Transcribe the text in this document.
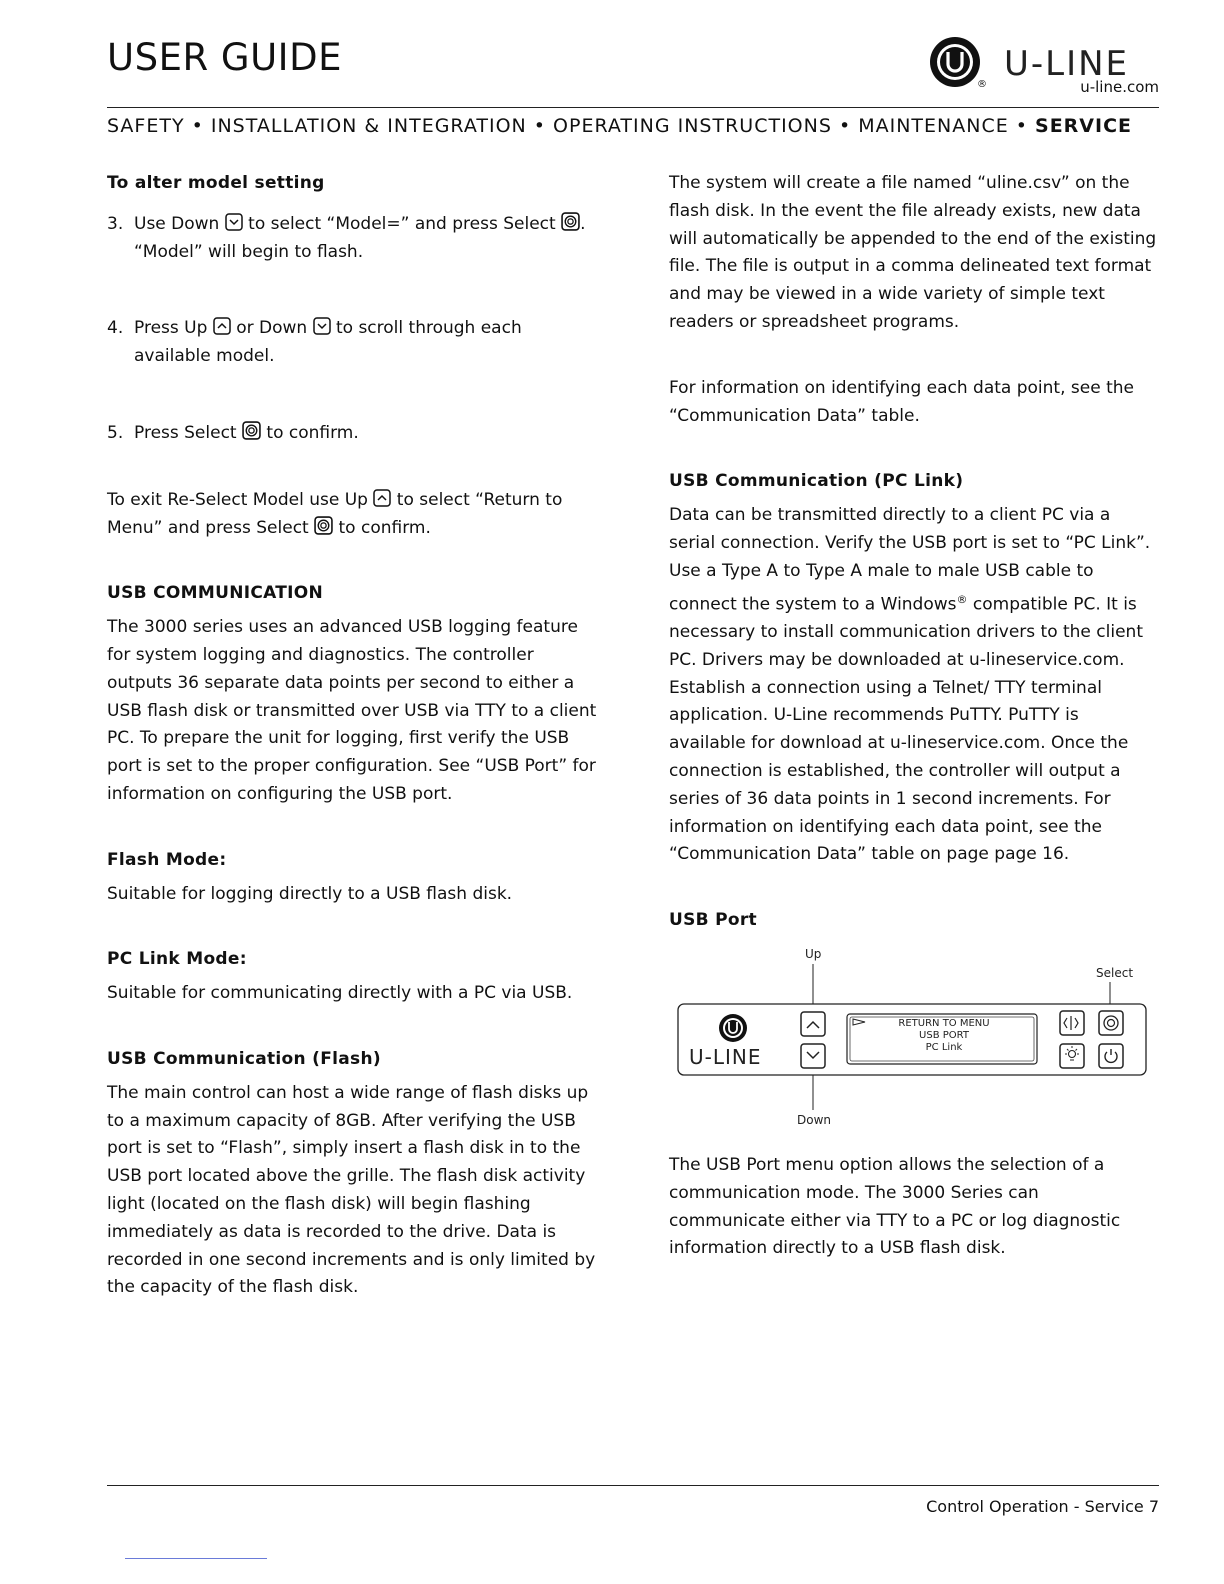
USER GUIDE
®
U-LINE
u-line.com
SAFETY • INSTALLATION & INTEGRATION • OPERATING INSTRUCTIONS • MAINTENANCE • SERVICE

To alter model setting

3. Use Down to select “Model=” and press Select .
“Model” will begin to flash.
4. Press Up or Down to scroll through each
available model.
5. Press Select to confirm.

To exit Re-Select Model use Up to select “Return to
Menu” and press Select to confirm.

USB COMMUNICATION

The 3000 series uses an advanced USB logging feature for system logging and diagnostics. The controller outputs 36 separate data points per second to either a USB flash disk or transmitted over USB via TTY to a client PC. To prepare the unit for logging, first verify the USB port is set to the proper configuration. See “USB Port” for information on configuring the USB port.

Flash Mode:

Suitable for logging directly to a USB flash disk.

PC Link Mode:

Suitable for communicating directly with a PC via USB.

USB Communication (Flash)

The main control can host a wide range of flash disks up to a maximum capacity of 8GB. After verifying the USB port is set to “Flash”, simply insert a flash disk in to the USB port located above the grille. The flash disk activity light (located on the flash disk) will begin flashing immediately as data is recorded to the drive. Data is recorded in one second increments and is only limited by the capacity of the flash disk.

The system will create a file named “uline.csv” on the flash disk. In the event the file already exists, new data will automatically be appended to the end of the existing file. The file is output in a comma delineated text format and may be viewed in a wide variety of simple text readers or spreadsheet programs.

For information on identifying each data point, see the “Communication Data” table.

USB Communication (PC Link)

Data can be transmitted directly to a client PC via a serial connection. Verify the USB port is set to “PC Link”. Use a Type A to Type A male to male USB cable to connect the system to a Windows® compatible PC. It is necessary to install communication drivers to the client PC. Drivers may be downloaded at u-lineservice.com. Establish a connection using a Telnet/ TTY terminal application. U-Line recommends PuTTY. PuTTY is available for download at u-lineservice.com. Once the connection is established, the controller will output a series of 36 data points in 1 second increments. For information on identifying each data point, see the “Communication Data” table on page page 16.

USB Port

The USB Port menu option allows the selection of a communication mode. The 3000 Series can communicate either via TTY to a PC or log diagnostic information directly to a USB flash disk.

Up
Select
Down
U-LINE
RETURN TO MENU
USB PORT
PC Link
Control Operation - Service 7
